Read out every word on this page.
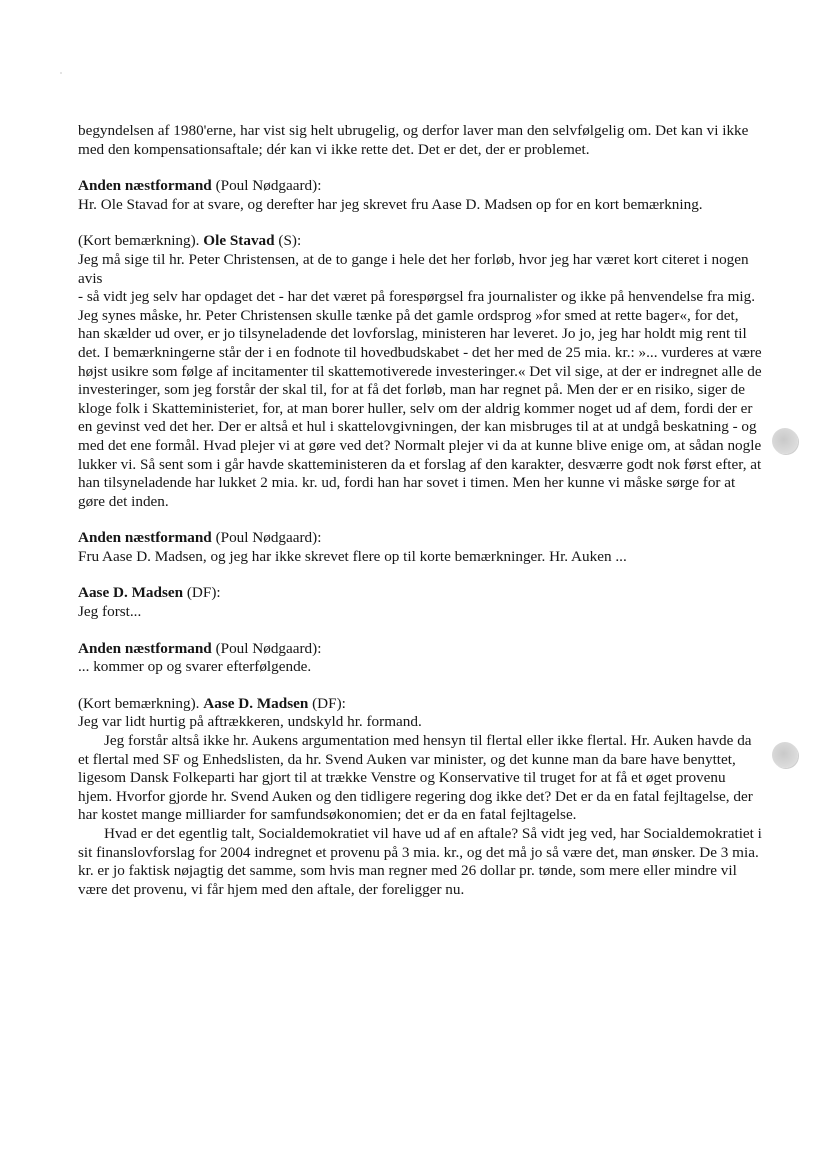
begyndelsen af 1980'erne, har vist sig helt ubrugelig, og derfor laver man den selvfølgelig om. Det kan vi ikke med den kompensationsaftale; dér kan vi ikke rette det. Det er det, der er problemet.

Anden næstformand (Poul Nødgaard):

Hr. Ole Stavad for at svare, og derefter har jeg skrevet fru Aase D. Madsen op for en kort bemærkning.

(Kort bemærkning). Ole Stavad (S):

Jeg må sige til hr. Peter Christensen, at de to gange i hele det her forløb, hvor jeg har været kort citeret i nogen avis

- så vidt jeg selv har opdaget det - har det været på forespørgsel fra journalister og ikke på henvendelse fra mig. Jeg synes måske, hr. Peter Christensen skulle tænke på det gamle ordsprog »for smed at rette bager«, for det, han skælder ud over, er jo tilsyneladende det lovforslag, ministeren har leveret. Jo jo, jeg har holdt mig rent til det. I bemærkningerne står der i en fodnote til hovedbudskabet - det her med de 25 mia. kr.: »... vurderes at være højst usikre som følge af incitamenter til skattemotiverede investeringer.« Det vil sige, at der er indregnet alle de investeringer, som jeg forstår der skal til, for at få det forløb, man har regnet på. Men der er en risiko, siger de kloge folk i Skatteministeriet, for, at man borer huller, selv om der aldrig kommer noget ud af dem, fordi der er en gevinst ved det her. Der er altså et hul i skattelovgivningen, der kan misbruges til at at undgå beskatning - og med det ene formål. Hvad plejer vi at gøre ved det? Normalt plejer vi da at kunne blive enige om, at sådan nogle lukker vi. Så sent som i går havde skatteministeren da et forslag af den karakter, desværre godt nok først efter, at han tilsyneladende har lukket 2 mia. kr. ud, fordi han har sovet i timen. Men her kunne vi måske sørge for at gøre det inden.

Anden næstformand (Poul Nødgaard):

Fru Aase D. Madsen, og jeg har ikke skrevet flere op til korte bemærkninger. Hr. Auken ...

Aase D. Madsen (DF):

Jeg forst...

Anden næstformand (Poul Nødgaard):

... kommer op og svarer efterfølgende.

(Kort bemærkning). Aase D. Madsen (DF):

Jeg var lidt hurtig på aftrækkeren, undskyld hr. formand.

Jeg forstår altså ikke hr. Aukens argumentation med hensyn til flertal eller ikke flertal. Hr. Auken havde da et flertal med SF og Enhedslisten, da hr. Svend Auken var minister, og det kunne man da bare have benyttet, ligesom Dansk Folkeparti har gjort til at trække Venstre og Konservative til truget for at få et øget provenu hjem. Hvorfor gjorde hr. Svend Auken og den tidligere regering dog ikke det? Det er da en fatal fejltagelse, der har kostet mange milliarder for samfundsøkonomien; det er da en fatal fejltagelse.

Hvad er det egentlig talt, Socialdemokratiet vil have ud af en aftale? Så vidt jeg ved, har Socialdemokratiet i sit finanslovforslag for 2004 indregnet et provenu på 3 mia. kr., og det må jo så være det, man ønsker. De 3 mia. kr. er jo faktisk nøjagtig det samme, som hvis man regner med 26 dollar pr. tønde, som mere eller mindre vil være det provenu, vi får hjem med den aftale, der foreligger nu.
